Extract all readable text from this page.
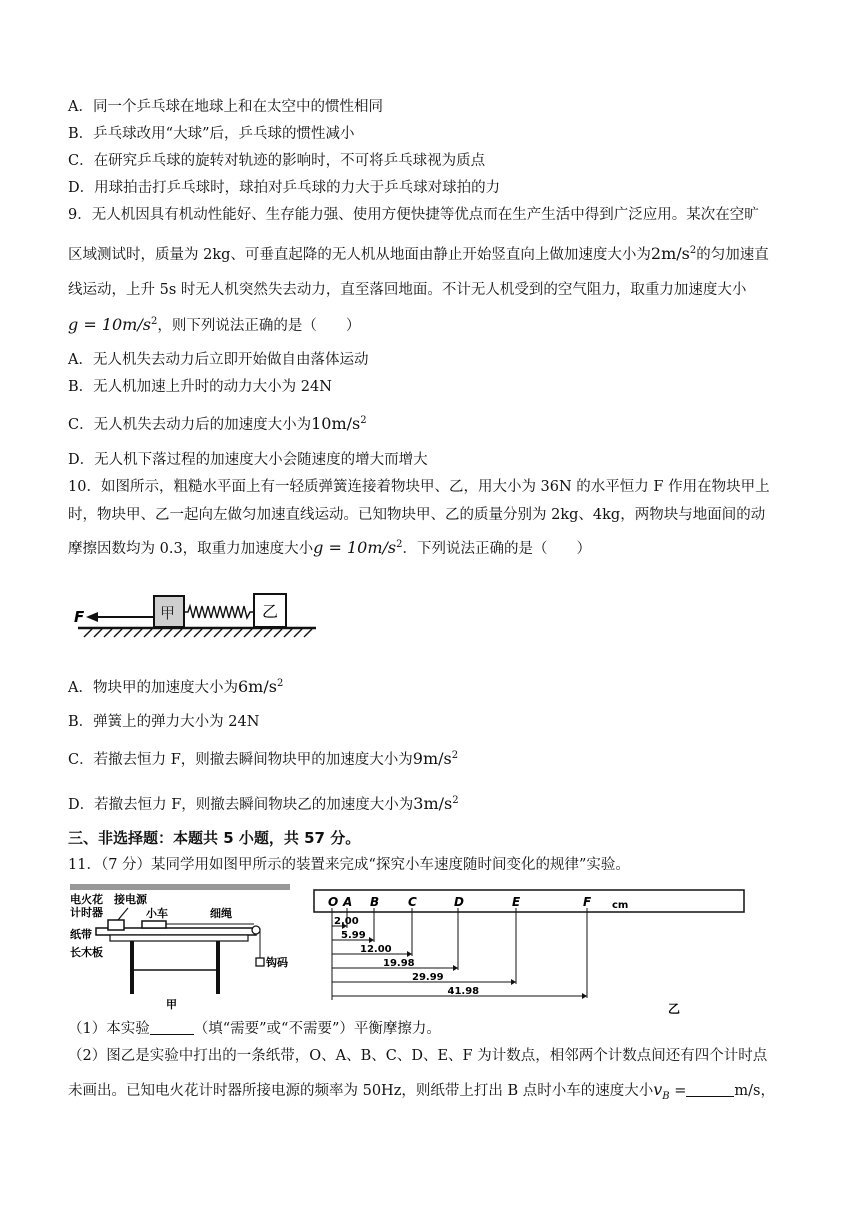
A．同一个乒乓球在地球上和在太空中的惯性相同
B．乒乓球改用“大球”后，乒乓球的惯性减小
C．在研究乒乓球的旋转对轨迹的影响时，不可将乒乓球视为质点
D．用球拍击打乒乓球时，球拍对乒乓球的力大于乒乓球对球拍的力
9．无人机因具有机动性能好、生存能力强、使用方便快捷等优点而在生产生活中得到广泛应用。某次在空旷
区域测试时，质量为 2kg、可垂直起降的无人机从地面由静止开始竖直向上做加速度大小为$2m/s^2$的匀加速直
线运动，上升 5s 时无人机突然失去动力，直至落回地面。不计无人机受到的空气阻力，取重力加速度大小
$g = 10m/s^2$，则下列说法正确的是（　　）
A．无人机失去动力后立即开始做自由落体运动
B．无人机加速上升时的动力大小为 24N
C．无人机失去动力后的加速度大小为$10m/s^2$
D．无人机下落过程的加速度大小会随速度的增大而增大
10．如图所示，粗糙水平面上有一轻质弹簧连接着物块甲、乙，用大小为 36N 的水平恒力 F 作用在物块甲上
时，物块甲、乙一起向左做匀加速直线运动。已知物块甲、乙的质量分别为 2kg、4kg，两物块与地面间的动
摩擦因数均为 0.3，取重力加速度大小$g = 10m/s^2$．下列说法正确的是（　　）
F	甲	乙
A．物块甲的加速度大小为$6m/s^2$
B．弹簧上的弹力大小为 24N
C．若撤去恒力 F，则撤去瞬间物块甲的加速度大小为$9m/s^2$
D．若撤去恒力 F，则撤去瞬间物块乙的加速度大小为$3m/s^2$
三、非选择题：本题共 5 小题，共 57 分。
11．（7 分）某同学用如图甲所示的装置来完成“探究小车速度随时间变化的规律”实验。
电火花
计时器
接电源
小车	细绳
纸带
长木板
钩码
甲
O A B C	D	E	F
2.00
5.99
12.00
19.98
29.99
41.98
乙
cm
（1）本实验	（填“需要”或“不需要”）平衡摩擦力。
（2）图乙是实验中打出的一条纸带，O、A、B、C、D、E、F 为计数点，相邻两个计数点间还有四个计时点
未画出。已知电火花计时器所接电源的频率为 50Hz，则纸带上打出 B 点时小车的速度大小$v_B$ =	m/s，
